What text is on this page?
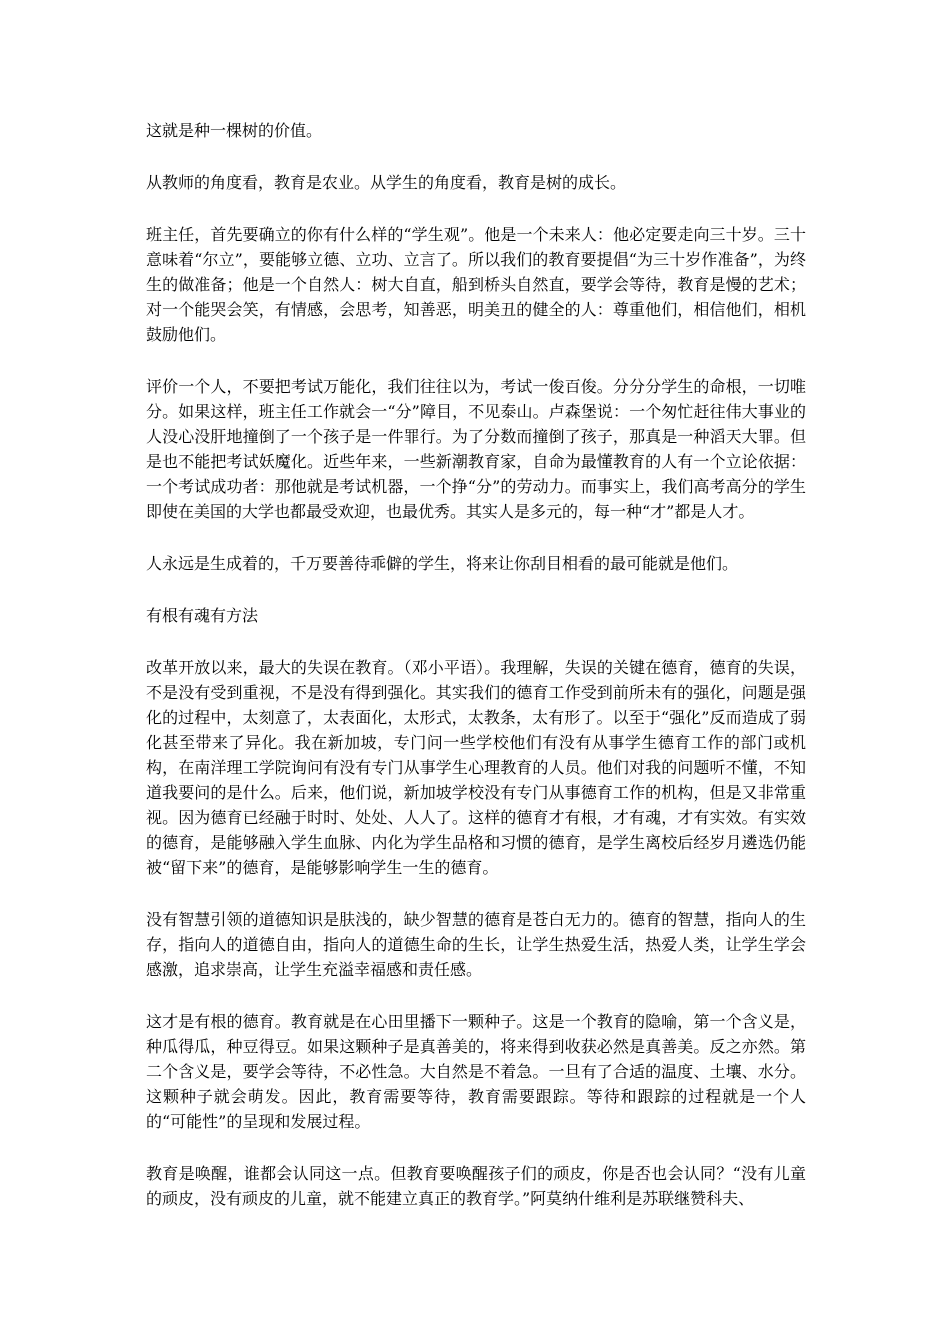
这就是种一棵树的价值。

从教师的角度看，教育是农业。从学生的角度看，教育是树的成长。

班主任，首先要确立的你有什么样的“学生观”。他是一个未来人：他必定要走向三十岁。三十意味着“尔立”，要能够立德、立功、立言了。所以我们的教育要提倡“为三十岁作准备”，为终生的做准备；他是一个自然人：树大自直，船到桥头自然直，要学会等待，教育是慢的艺术；对一个能哭会笑，有情感，会思考，知善恶，明美丑的健全的人：尊重他们，相信他们，相机鼓励他们。

评价一个人，不要把考试万能化，我们往往以为，考试一俊百俊。分分分学生的命根，一切唯分。如果这样，班主任工作就会一“分”障目，不见泰山。卢森堡说：一个匆忙赶往伟大事业的人没心没肝地撞倒了一个孩子是一件罪行。为了分数而撞倒了孩子，那真是一种滔天大罪。但是也不能把考试妖魔化。近些年来，一些新潮教育家，自命为最懂教育的人有一个立论依据：一个考试成功者：那他就是考试机器，一个挣“分”的劳动力。而事实上，我们高考高分的学生即使在美国的大学也都最受欢迎，也最优秀。其实人是多元的，每一种“才”都是人才。

人永远是生成着的，千万要善待乖僻的学生，将来让你刮目相看的最可能就是他们。

有根有魂有方法

改革开放以来，最大的失误在教育。（邓小平语）。我理解，失误的关键在德育，德育的失误，不是没有受到重视，不是没有得到强化。其实我们的德育工作受到前所未有的强化，问题是强化的过程中，太刻意了，太表面化，太形式，太教条，太有形了。以至于“强化”反而造成了弱化甚至带来了异化。我在新加坡，专门问一些学校他们有没有从事学生德育工作的部门或机构，在南洋理工学院询问有没有专门从事学生心理教育的人员。他们对我的问题听不懂，不知道我要问的是什么。后来，他们说，新加坡学校没有专门从事德育工作的机构，但是又非常重视。因为德育已经融于时时、处处、人人了。这样的德育才有根，才有魂，才有实效。有实效的德育，是能够融入学生血脉、内化为学生品格和习惯的德育，是学生离校后经岁月遴选仍能被“留下来”的德育，是能够影响学生一生的德育。

没有智慧引领的道德知识是肤浅的，缺少智慧的德育是苍白无力的。德育的智慧，指向人的生存，指向人的道德自由，指向人的道德生命的生长，让学生热爱生活，热爱人类，让学生学会感激，追求崇高，让学生充溢幸福感和责任感。

这才是有根的德育。教育就是在心田里播下一颗种子。这是一个教育的隐喻，第一个含义是，种瓜得瓜，种豆得豆。如果这颗种子是真善美的，将来得到收获必然是真善美。反之亦然。第二个含义是，要学会等待，不必性急。大自然是不着急。一旦有了合适的温度、土壤、水分。这颗种子就会萌发。因此，教育需要等待，教育需要跟踪。等待和跟踪的过程就是一个人的“可能性”的呈现和发展过程。

教育是唤醒，谁都会认同这一点。但教育要唤醒孩子们的顽皮，你是否也会认同？“没有儿童的顽皮，没有顽皮的儿童，就不能建立真正的教育学。”阿莫纳什维利是苏联继赞科夫、
